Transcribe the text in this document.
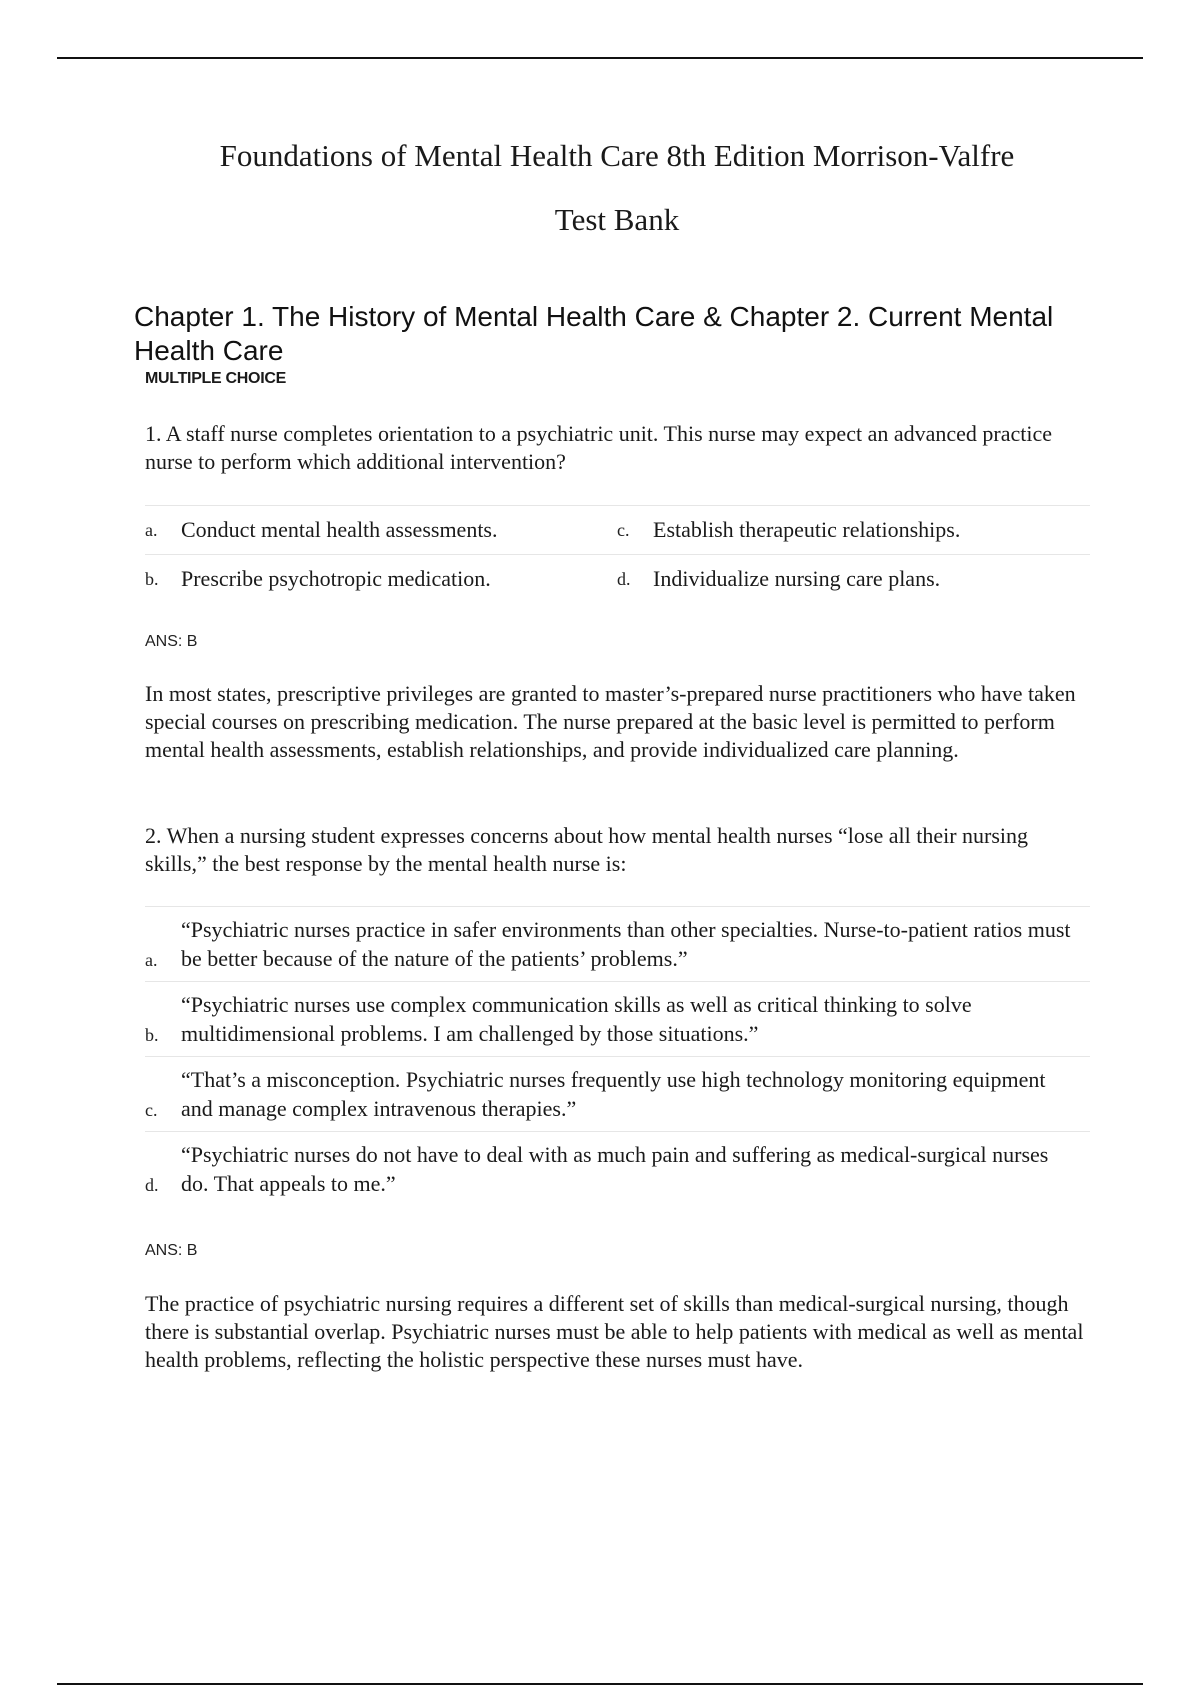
Foundations of Mental Health Care 8th Edition Morrison-Valfre
Test Bank
Chapter 1. The History of Mental Health Care & Chapter 2. Current Mental Health Care
MULTIPLE CHOICE

1. A staff nurse completes orientation to a psychiatric unit. This nurse may expect an advanced practice nurse to perform which additional intervention?

a.	Conduct mental health assessments.	c.	Establish therapeutic relationships.
b.	Prescribe psychotropic medication.	d.	Individualize nursing care plans.
ANS: B

In most states, prescriptive privileges are granted to master’s-prepared nurse practitioners who have taken special courses on prescribing medication. The nurse prepared at the basic level is permitted to perform mental health assessments, establish relationships, and provide individualized care planning.

2. When a nursing student expresses concerns about how mental health nurses “lose all their nursing skills,” the best response by the mental health nurse is:

a.
“Psychiatric nurses practice in safer environments than other specialties. Nurse-to-patient ratios must be better because of the nature of the patients’ problems.”
b.
“Psychiatric nurses use complex communication skills as well as critical thinking to solve multidimensional problems. I am challenged by those situations.”
c.
“That’s a misconception. Psychiatric nurses frequently use high technology monitoring equipment and manage complex intravenous therapies.”
d.
“Psychiatric nurses do not have to deal with as much pain and suffering as medical-surgical nurses do. That appeals to me.”
ANS: B

The practice of psychiatric nursing requires a different set of skills than medical-surgical nursing, though there is substantial overlap. Psychiatric nurses must be able to help patients with medical as well as mental health problems, reflecting the holistic perspective these nurses must have.
